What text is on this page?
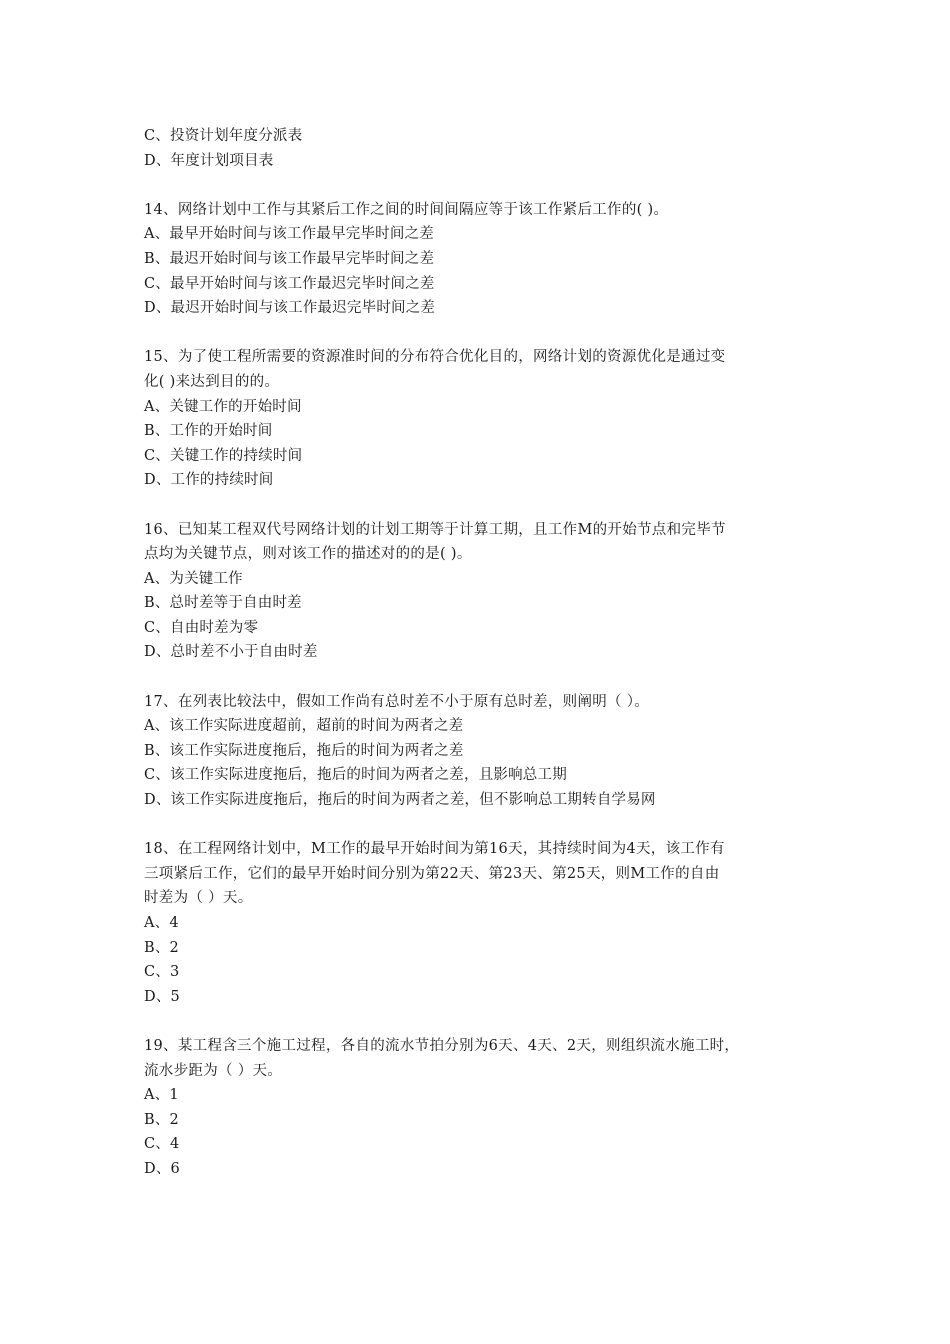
C、投资计划年度分派表
D、年度计划项目表
14、网络计划中工作与其紧后工作之间的时间间隔应等于该工作紧后工作的( )。
A、最早开始时间与该工作最早完毕时间之差
B、最迟开始时间与该工作最早完毕时间之差
C、最早开始时间与该工作最迟完毕时间之差
D、最迟开始时间与该工作最迟完毕时间之差
15、为了使工程所需要的资源准时间的分布符合优化目的，网络计划的资源优化是通过变
化( )来达到目的的。
A、关键工作的开始时间
B、工作的开始时间
C、关键工作的持续时间
D、工作的持续时间
16、已知某工程双代号网络计划的计划工期等于计算工期，且工作M的开始节点和完毕节
点均为关键节点，则对该工作的描述对的的是( )。
A、为关键工作
B、总时差等于自由时差
C、自由时差为零
D、总时差不小于自由时差
17、在列表比较法中，假如工作尚有总时差不小于原有总时差，则阐明（ ）。
A、该工作实际进度超前，超前的时间为两者之差
B、该工作实际进度拖后，拖后的时间为两者之差
C、该工作实际进度拖后，拖后的时间为两者之差，且影响总工期
D、该工作实际进度拖后，拖后的时间为两者之差，但不影响总工期转自学易网
18、在工程网络计划中，M工作的最早开始时间为第16天，其持续时间为4天，该工作有
三项紧后工作，它们的最早开始时间分别为第22天、第23天、第25天，则M工作的自由
时差为（ ）天。
A、4
B、2
C、3
D、5
19、某工程含三个施工过程，各自的流水节拍分别为6天、4天、2天，则组织流水施工时，
流水步距为（ ）天。
A、1
B、2
C、4
D、6
